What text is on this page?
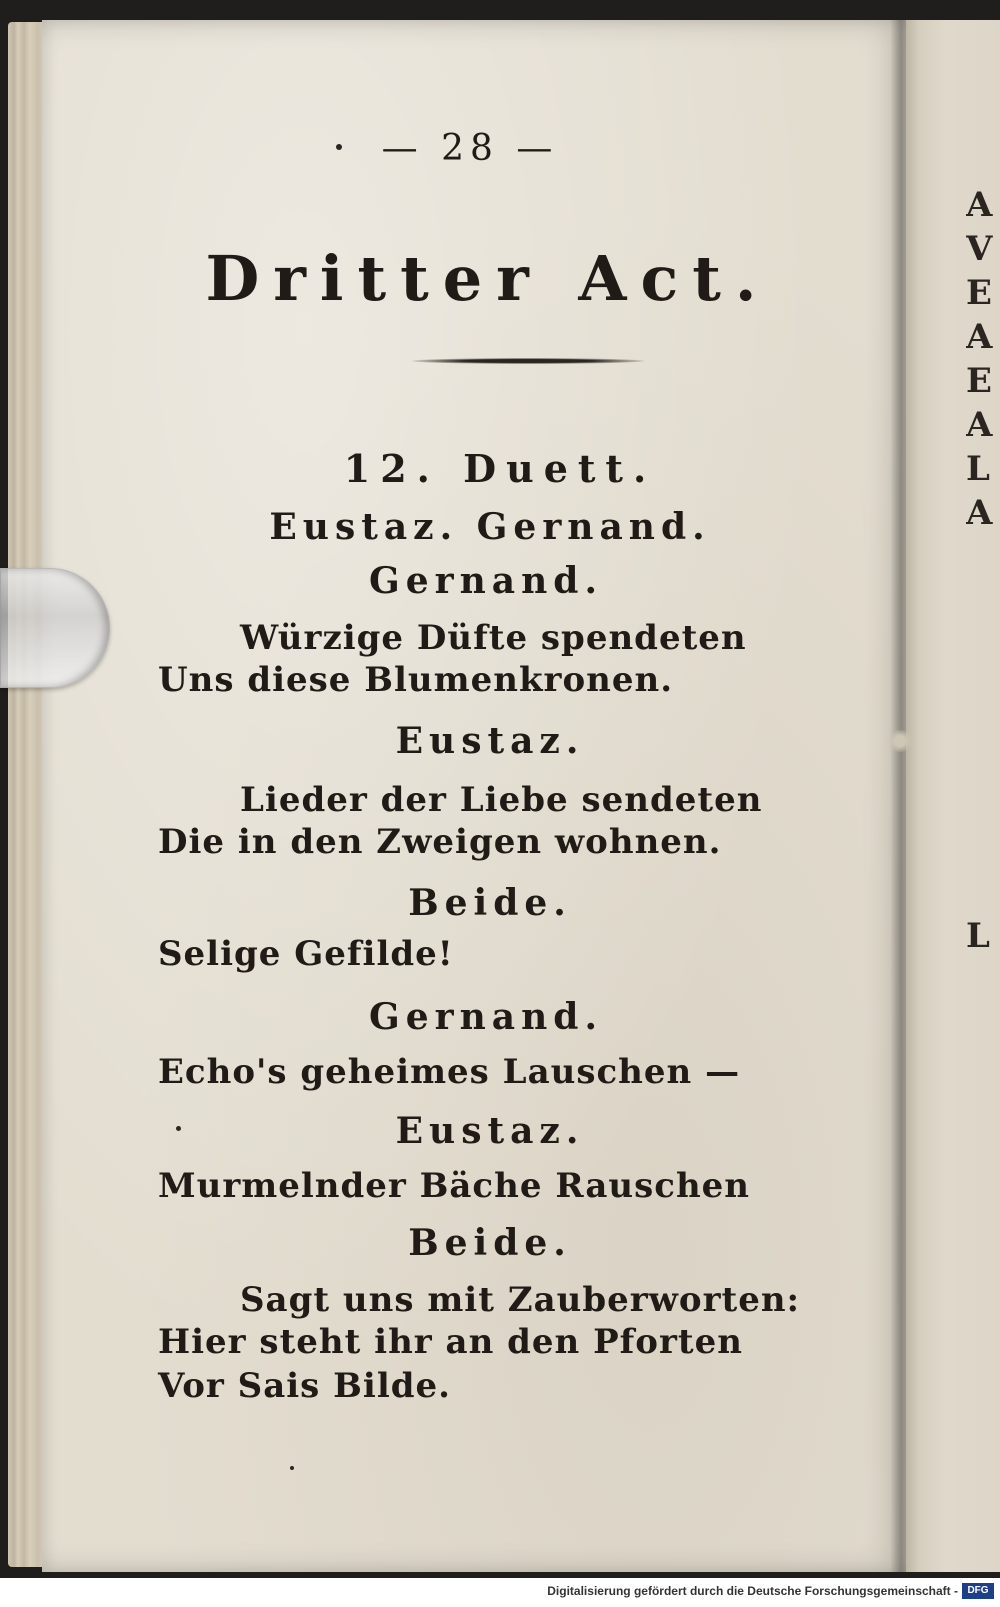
A
V
E
A
E
A
L
A
L
— 28 —
Dritter Act.
12. Duett.
Eustaz. Gernand.
Gernand.
Würzige Düfte spendeten
Uns diese Blumenkronen.
Eustaz.
Lieder der Liebe sendeten
Die in den Zweigen wohnen.
Beide.
Selige Gefilde!
Gernand.
Echo's geheimes Lauschen —
Eustaz.
Murmelnder Bäche Rauschen
Beide.
Sagt uns mit Zauberworten:
Hier steht ihr an den Pforten
Vor Sais Bilde.
Digitalisierung gefördert durch die Deutsche Forschungsgemeinschaft - DFG
